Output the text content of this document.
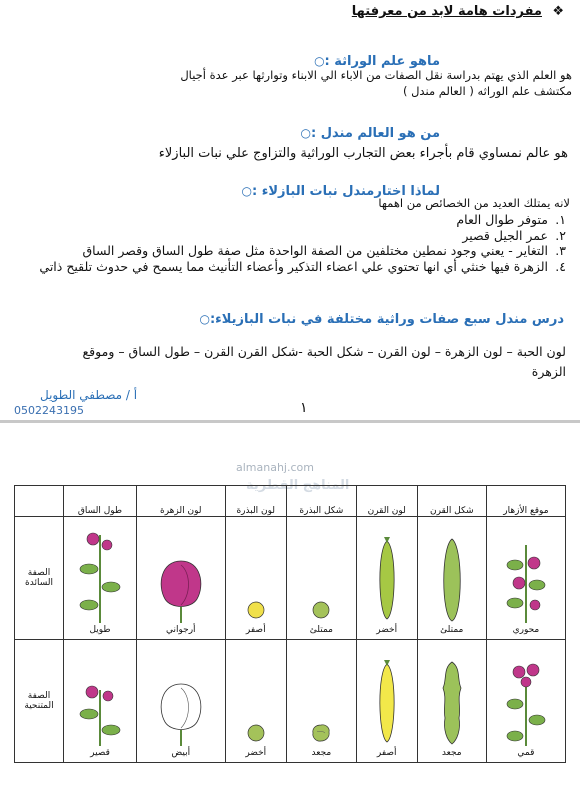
❖
مفردات هامة لابد من معرفتها
ماهو علم الوراثة :○
هو العلم الذي يهتم بدراسة نقل الصفات من الاباء الي الابناء وتوارثها عبر عدة أجيال
مكتشف علم الوراثه ( العالم مندل )
من هو العالم مندل :○
هو عالم نمساوي قام بأجراء بعض التجارب الوراثية والتزاوج علي نبات البازلاء
لماذا اختارمندل نبات البازلاء :○
لانه يمتلك العديد من الخصائص من اهمها
١.متوفر طوال العام
٢.عمر الجيل قصير
٣.التغاير - يعني وجود نمطين مختلفين من الصفة الواحدة مثل صفة طول الساق وقصر الساق
٤.الزهرة فيها خنثي أي انها تحتوي علي اعضاء التذكير وأعضاء التأنيث مما يسمح في حدوث تلقيح ذاتي
درس مندل سبع صفات وراثية مختلفة في نبات البازيلاء:○
لون الحبة – لون الزهرة – لون القرن – شكل الحبة -شكل القرن القرن – طول الساق – وموقع
الزهرة
أ / مصطفي الطويل
0502243195	١
almanahj.com
المناهج القطرية
موقع الأزهار	شكل القرن	لون القرن	شكل البذرة	لون البذرة	لون الزهرة	طول الساق	

محوري	ممتلئ	أخضر	ممتلئ	أصفر	أرجواني	طويل	الصفة السائدة

قمي	مجعد	أصفر	مجعد	أخضر	أبيض	قصير	الصفة المتنحية
